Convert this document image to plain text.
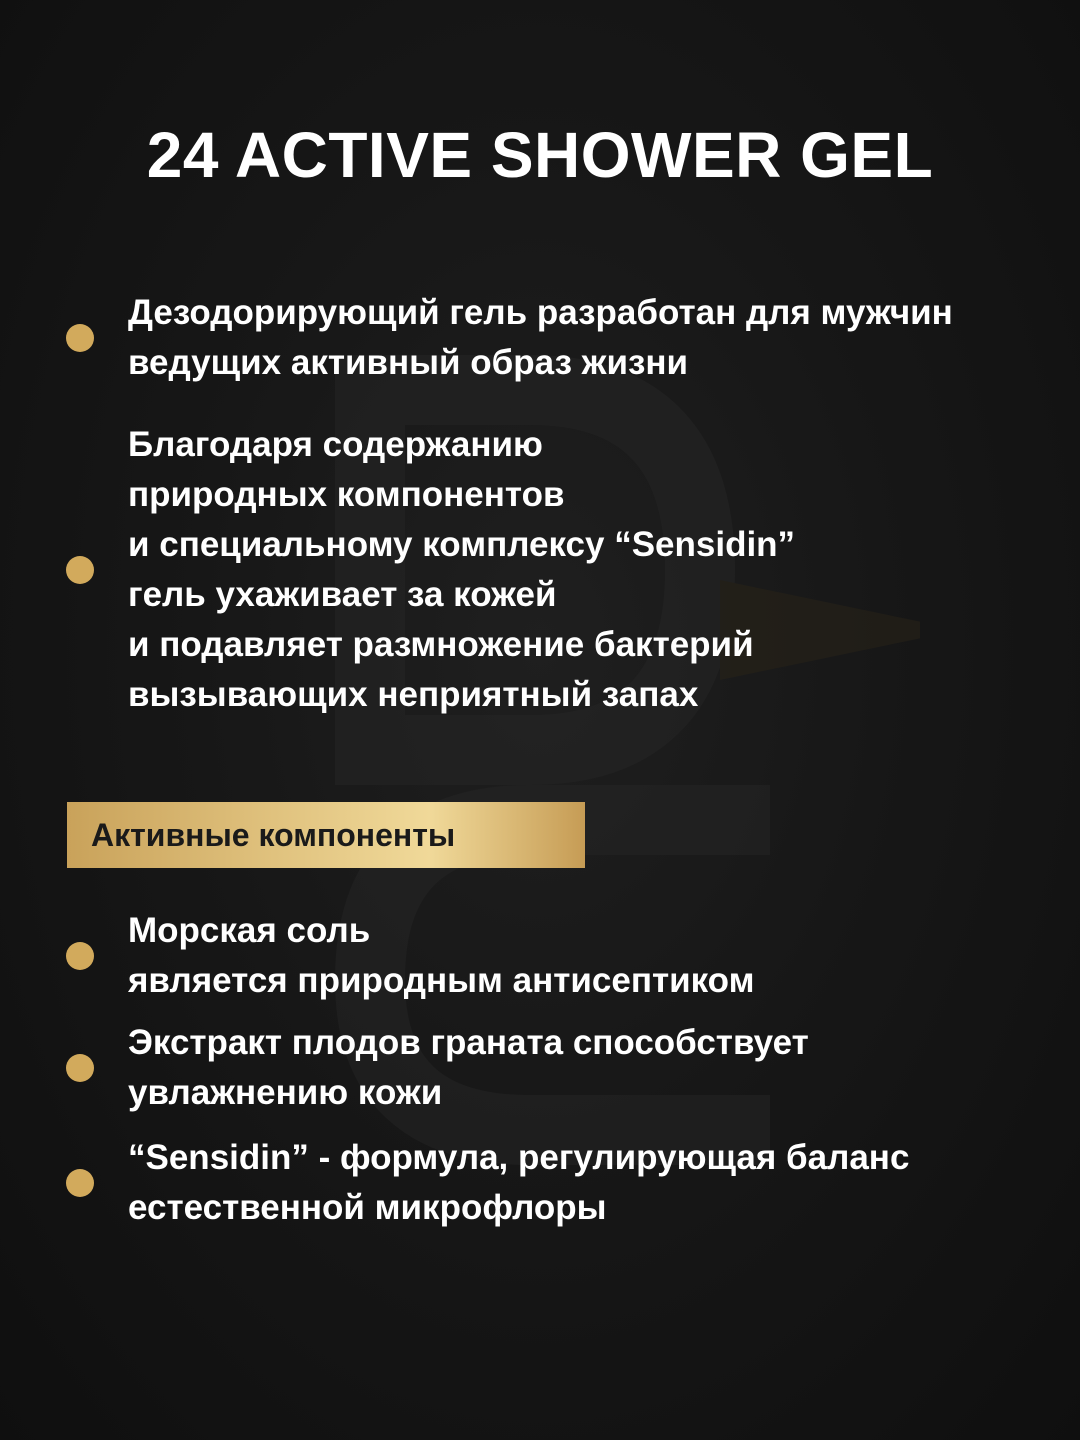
24 ACTIVE SHOWER GEL
Дезодорирующий гель разработан для мужчин
ведущих активный образ жизни
Благодаря содержанию
природных компонентов
и специальному комплексу “Sensidin”
гель ухаживает за кожей
и подавляет размножение бактерий
вызывающих неприятный запах
Активные компоненты
Морская соль
является природным антисептиком
Экстракт плодов граната способствует
увлажнению кожи
“Sensidin” - формула, регулирующая баланс
естественной микрофлоры
